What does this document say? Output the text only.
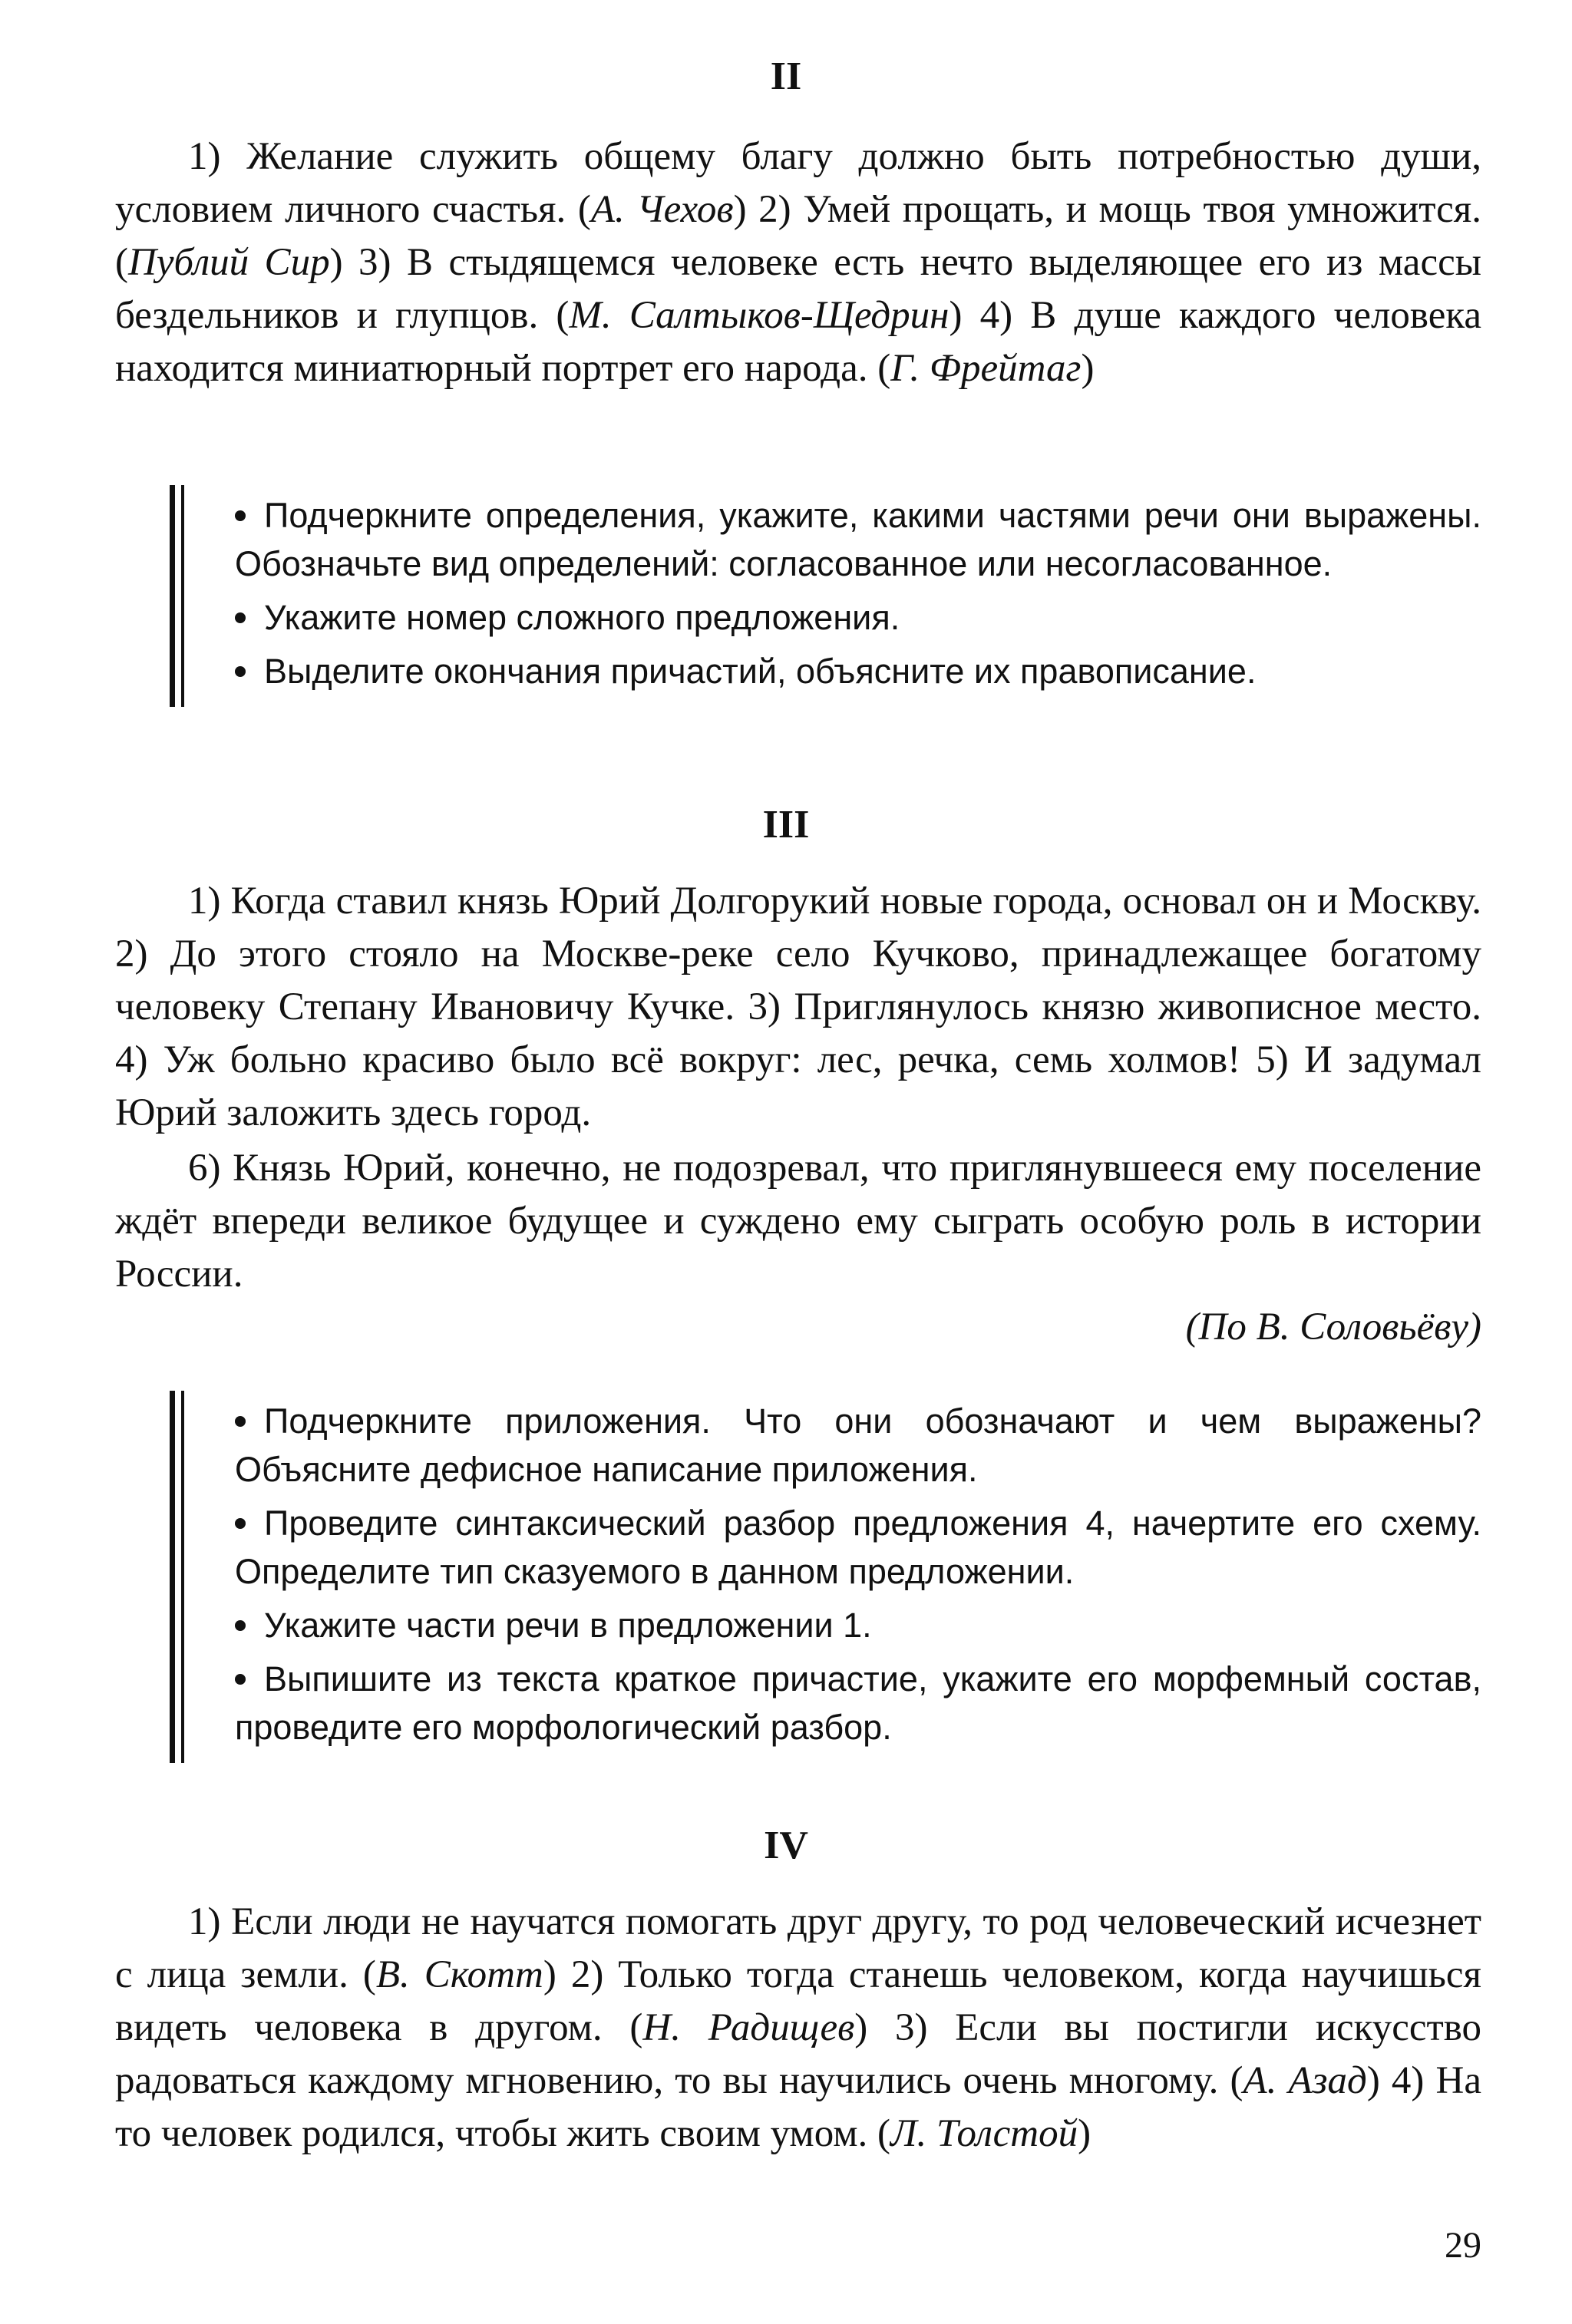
II

1) Желание служить общему благу должно быть потребностью души, условием личного счастья. (А. Чехов) 2) Умей прощать, и мощь твоя умножится. (Публий Сир) 3) В стыдящемся человеке есть нечто выделяющее его из массы бездельников и глупцов. (М. Салтыков-Щедрин) 4) В душе каждого человека находится миниатюрный портрет его народа. (Г. Фрейтаг)

Подчеркните определения, укажите, какими частями речи они выражены. Обозначьте вид определений: согласованное или несогласованное.
Укажите номер сложного предложения.
Выделите окончания причастий, объясните их правописание.
III

1) Когда ставил князь Юрий Долгорукий новые города, основал он и Москву. 2) До этого стояло на Москве-реке село Кучково, принадлежащее богатому человеку Степану Ивановичу Кучке. 3) Приглянулось князю живописное место. 4) Уж больно красиво было всё вокруг: лес, речка, семь холмов! 5) И задумал Юрий заложить здесь город.

6) Князь Юрий, конечно, не подозревал, что приглянувшееся ему поселение ждёт впереди великое будущее и суждено ему сыграть особую роль в истории России.

(По В. Соловьёву)
Подчеркните приложения. Что они обозначают и чем выражены? Объясните дефисное написание приложения.
Проведите синтаксический разбор предложения 4, начертите его схему. Определите тип сказуемого в данном предложении.
Укажите части речи в предложении 1.
Выпишите из текста краткое причастие, укажите его морфемный состав, проведите его морфологический разбор.
IV

1) Если люди не научатся помогать друг другу, то род человеческий исчезнет с лица земли. (В. Скотт) 2) Только тогда станешь человеком, когда научишься видеть человека в другом. (Н. Радищев) 3) Если вы постигли искусство радоваться каждому мгновению, то вы научились очень многому. (А. Азад) 4) На то человек родился, чтобы жить своим умом. (Л. Толстой)

29
